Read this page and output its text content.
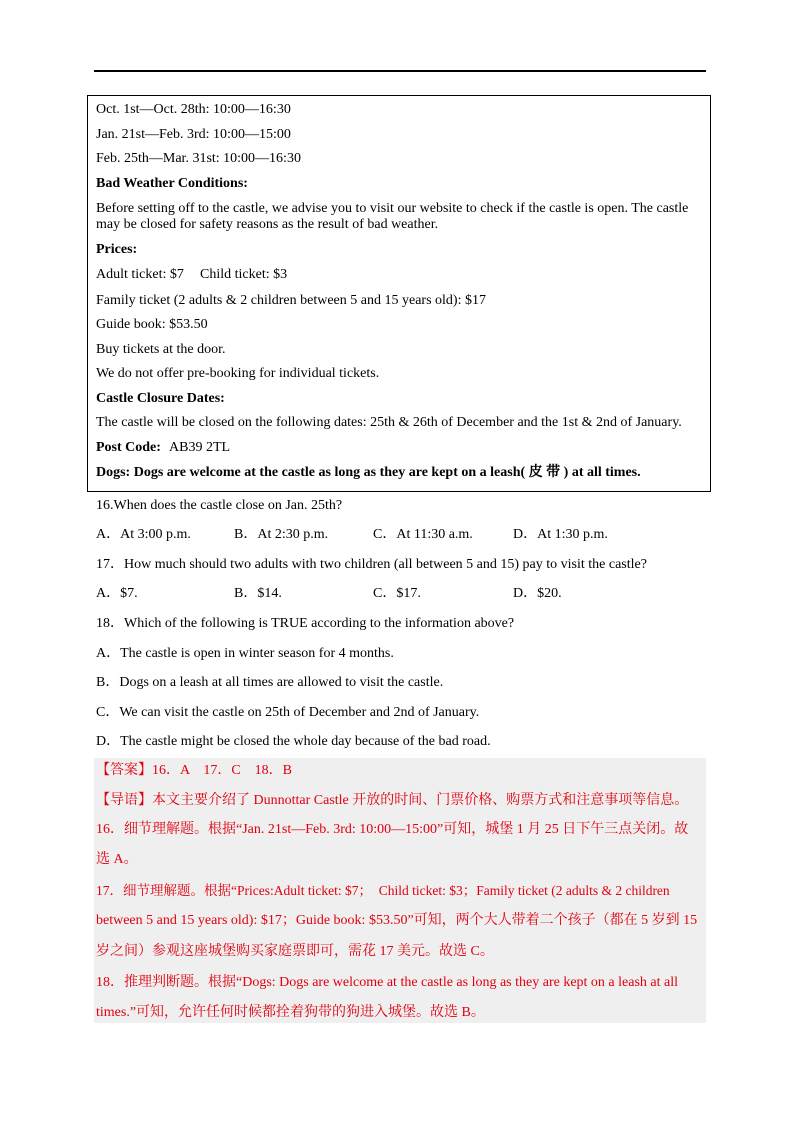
Oct. 1st—Oct. 28th: 10:00—16:30
Jan. 21st—Feb. 3rd: 10:00—15:00
Feb. 25th—Mar. 31st: 10:00—16:30
Bad Weather Conditions:
Before setting off to the castle, we advise you to visit our website to check if the castle is open. The castle may be closed for safety reasons as the result of bad weather.
Prices:
Adult ticket: $7 Child ticket: $3
Family ticket (2 adults & 2 children between 5 and 15 years old): $17
Guide book: $53.50
Buy tickets at the door.
We do not offer pre-booking for individual tickets.
Castle Closure Dates:
The castle will be closed on the following dates: 25th & 26th of December and the 1st & 2nd of January.
Post Code: AB39 2TL
Dogs: Dogs are welcome at the castle as long as they are kept on a leash( 皮 带 ) at all times.
16.When does the castle close on Jan. 25th?
A．At 3:00 p.m.	B．At 2:30 p.m.	C．At 11:30 a.m.	D．At 1:30 p.m.
17．How much should two adults with two children (all between 5 and 15) pay to visit the castle?
A．$7.	B．$14.	C．$17.	D．$20.
18．Which of the following is TRUE according to the information above?
A．The castle is open in winter season for 4 months.
B．Dogs on a leash at all times are allowed to visit the castle.
C．We can visit the castle on 25th of December and 2nd of January.
D．The castle might be closed the whole day because of the bad road.
【答案】16．A　17．C　18．B
【导语】本文主要介绍了 Dunnottar Castle 开放的时间、门票价格、购票方式和注意事项等信息。
16．细节理解题。根据“Jan. 21st—Feb. 3rd: 10:00—15:00”可知，城堡 1 月 25 日下午三点关闭。故
选 A。
17．细节理解题。根据“Prices:Adult ticket: $7；　Child ticket: $3；Family ticket (2 adults & 2 children
between 5 and 15 years old): $17；Guide book: $53.50”可知，两个大人带着二个孩子（都在 5 岁到 15
岁之间）参观这座城堡购买家庭票即可，需花 17 美元。故选 C。
18．推理判断题。根据“Dogs: Dogs are welcome at the castle as long as they are kept on a leash at all
times.”可知，允许任何时候都拴着狗带的狗进入城堡。故选 B。
